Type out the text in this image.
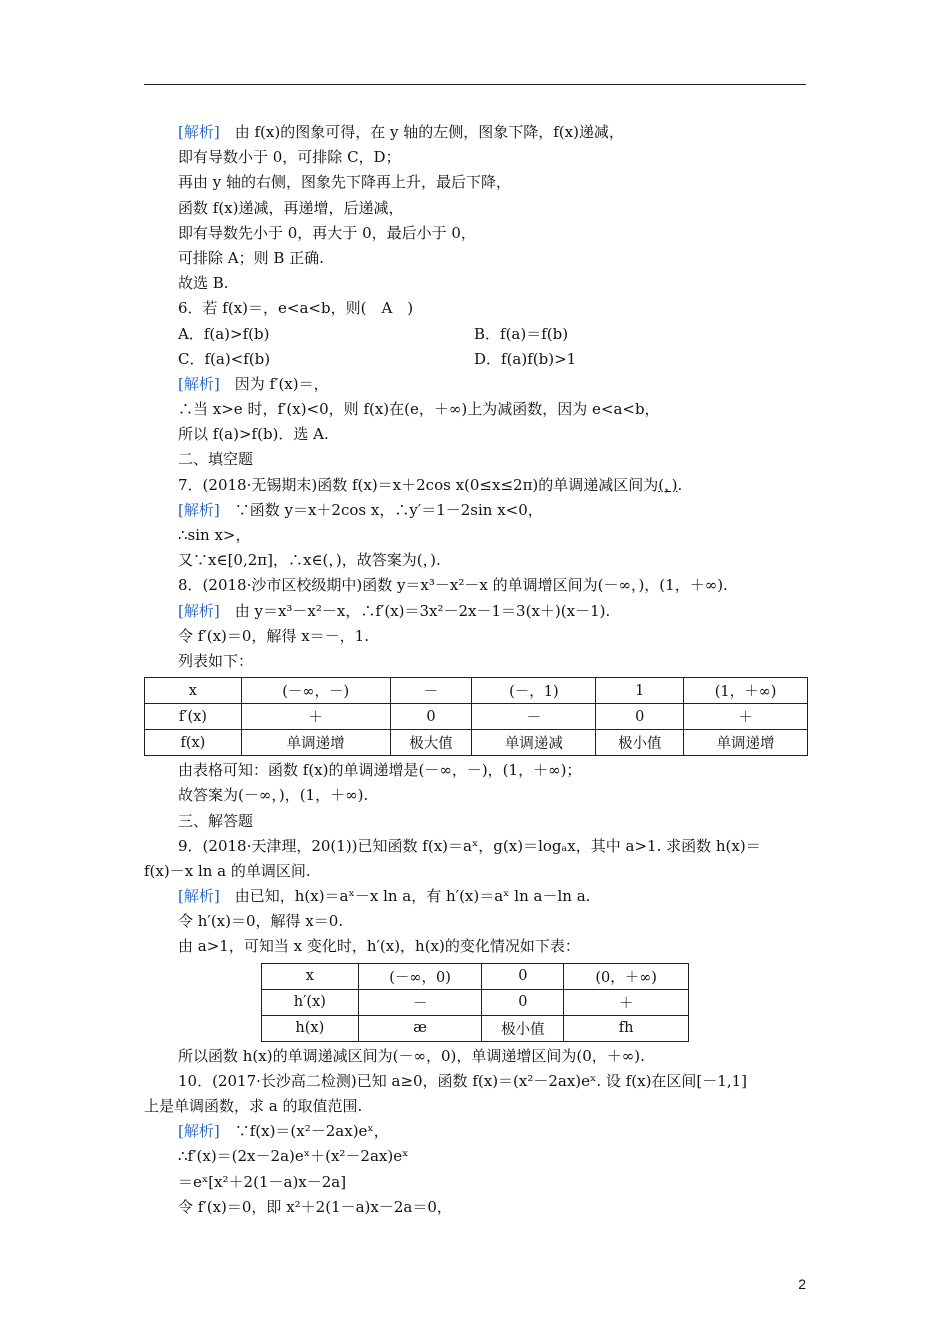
[解析]　由 f(x)的图象可得，在 y 轴的左侧，图象下降，f(x)递减，
即有导数小于 0，可排除 C，D；
再由 y 轴的右侧，图象先下降再上升，最后下降，
函数 f(x)递减，再递增，后递减，
即有导数先小于 0，再大于 0，最后小于 0，
可排除 A；则 B 正确.
故选 B.
6．若 f(x)＝，e<a<b，则(　A　)
A．f(a)>f(b)	B．f(a)＝f(b)
C．f(a)<f(b)	D．f(a)f(b)>1
[解析]　因为 f′(x)＝，
∴当 x>e 时，f′(x)<0，则 f(x)在(e，＋∞)上为减函数，因为 e<a<b，
所以 f(a)>f(b)．选 A.
二、填空题
7．(2018·无锡期末)函数 f(x)＝x＋2cos x(0≤x≤2π)的单调递减区间为(，).
[解析]　∵函数 y＝x＋2cos x，∴y′＝1－2sin x<0，
∴sin x>，
又∵x∈[0,2π]，∴x∈(，)，故答案为(，).
8．(2018·沙市区校级期中)函数 y＝x³－x²－x 的单调增区间为(－∞，)，(1，＋∞).
[解析]　由 y＝x³－x²－x，∴f′(x)＝3x²－2x－1＝3(x＋)(x－1).
令 f′(x)＝0，解得 x＝－，1.
列表如下：
x	(－∞，－)	－	(－，1)	1	(1，＋∞)
f′(x)	＋	0	－	0	＋
f(x)	单调递增	极大值	单调递减	极小值	单调递增
由表格可知：函数 f(x)的单调递增是(－∞，－)，(1，＋∞)；
故答案为(－∞，)，(1，＋∞).
三、解答题
9．(2018·天津理，20(1))已知函数 f(x)＝aˣ，g(x)＝logₐx，其中 a>1. 求函数 h(x)＝
f(x)－x ln a 的单调区间.
[解析]　由已知，h(x)＝aˣ－x ln a，有 h′(x)＝aˣ ln a－ln a.
令 h′(x)＝0，解得 x＝0.
由 a>1，可知当 x 变化时，h′(x)，h(x)的变化情况如下表：
x	(－∞，0)	0	(0，＋∞)
h′(x)	－	0	＋
h(x)	æ	极小值	fh
所以函数 h(x)的单调递减区间为(－∞，0)，单调递增区间为(0，＋∞).
10．(2017·长沙高二检测)已知 a≥0，函数 f(x)＝(x²－2ax)eˣ. 设 f(x)在区间[－1,1]
上是单调函数，求 a 的取值范围.
[解析]　∵f(x)＝(x²－2ax)eˣ，
∴f′(x)＝(2x－2a)eˣ＋(x²－2ax)eˣ
＝eˣ[x²＋2(1－a)x－2a]
令 f′(x)＝0，即 x²＋2(1－a)x－2a＝0，
2
